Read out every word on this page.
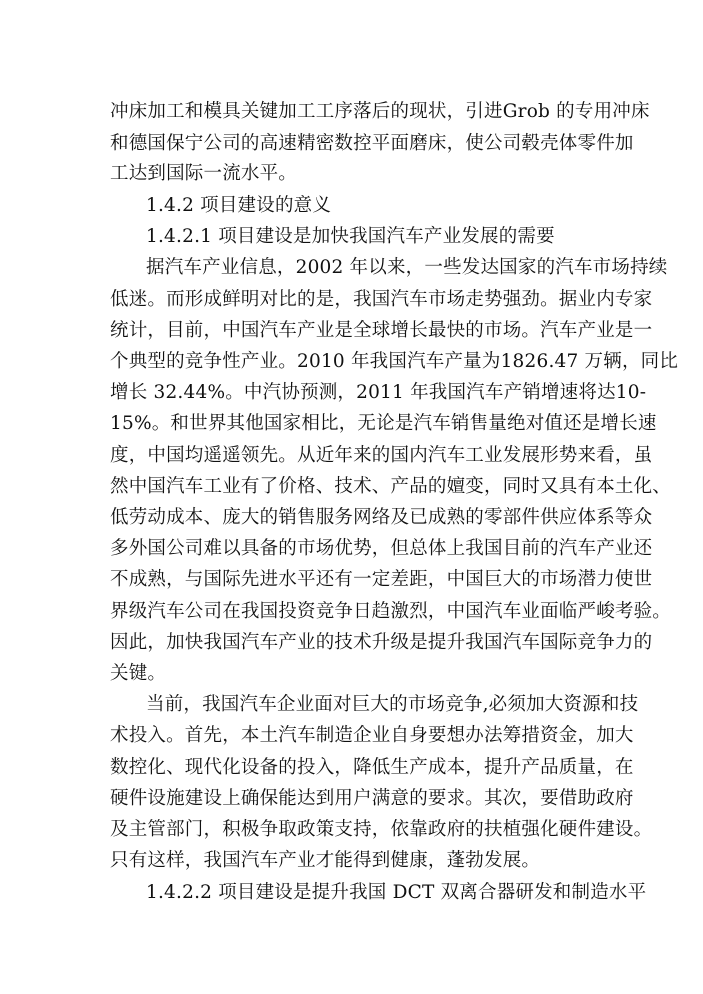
冲床加工和模具关键加工工序落后的现状，引进Grob 的专用冲床
和德国保宁公司的高速精密数控平面磨床，使公司毂壳体零件加
工达到国际一流水平。
1.4.2 项目建设的意义
1.4.2.1 项目建设是加快我国汽车产业发展的需要
据汽车产业信息，2002 年以来，一些发达国家的汽车市场持续
低迷。而形成鲜明对比的是，我国汽车市场走势强劲。据业内专家
统计，目前，中国汽车产业是全球增长最快的市场。汽车产业是一
个典型的竞争性产业。2010 年我国汽车产量为1826.47 万辆，同比
增长 32.44%。中汽协预测，2011 年我国汽车产销增速将达10-
15%。和世界其他国家相比，无论是汽车销售量绝对值还是增长速
度，中国均遥遥领先。从近年来的国内汽车工业发展形势来看，虽
然中国汽车工业有了价格、技术、产品的嬗变，同时又具有本土化、
低劳动成本、庞大的销售服务网络及已成熟的零部件供应体系等众
多外国公司难以具备的市场优势，但总体上我国目前的汽车产业还
不成熟，与国际先进水平还有一定差距，中国巨大的市场潜力使世
界级汽车公司在我国投资竞争日趋激烈，中国汽车业面临严峻考验。
因此，加快我国汽车产业的技术升级是提升我国汽车国际竞争力的
关键。
当前，我国汽车企业面对巨大的市场竞争,必须加大资源和技
术投入。首先，本土汽车制造企业自身要想办法筹措资金，加大
数控化、现代化设备的投入，降低生产成本，提升产品质量，在
硬件设施建设上确保能达到用户满意的要求。其次，要借助政府
及主管部门，积极争取政策支持，依靠政府的扶植强化硬件建设。
只有这样，我国汽车产业才能得到健康，蓬勃发展。
1.4.2.2 项目建设是提升我国 DCT 双离合器研发和制造水平
